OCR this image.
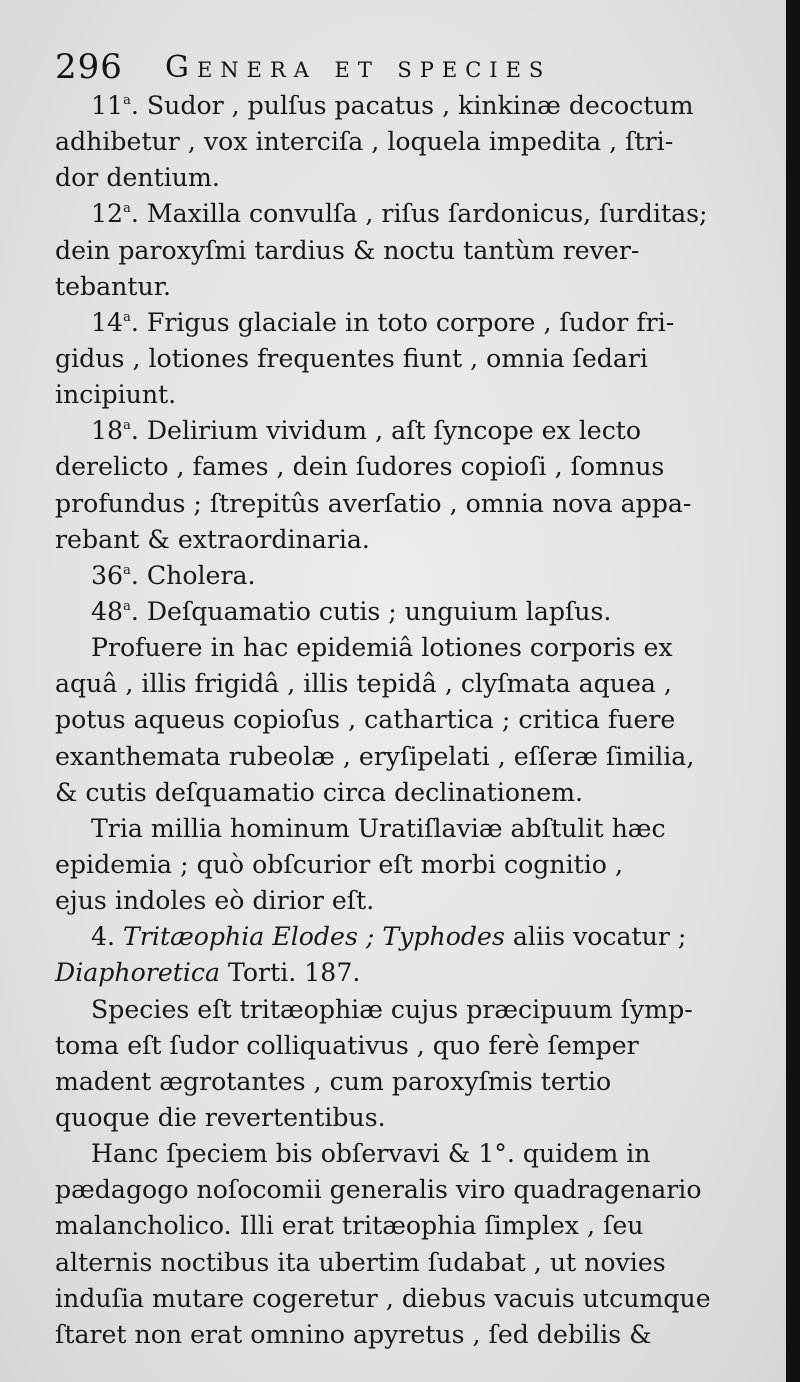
296 Genera et species
11$^a$. Sudor , pulſus pacatus , kinkinæ decoctum
adhibetur , vox interciſa , loquela impedita , ſtri-
dor dentium.
12$^a$. Maxilla convulſa , riſus ſardonicus, ſurditas;
dein paroxyſmi tardius & noctu tantùm rever-
tebantur.
14$^a$. Frigus glaciale in toto corpore , ſudor fri-
gidus , lotiones frequentes fiunt , omnia ſedari
incipiunt.
18$^a$. Delirium vividum , aſt ſyncope ex lecto
derelicto , fames , dein ſudores copioſi , ſomnus
profundus ; ſtrepitûs averſatio , omnia nova appa-
rebant & extraordinaria.
36$^a$. Cholera.
48$^a$. Deſquamatio cutis ; unguium lapſus.
Profuere in hac epidemiâ lotiones corporis ex
aquâ , illis frigidâ , illis tepidâ , clyſmata aquea ,
potus aqueus copioſus , cathartica ; critica fuere
exanthemata rubeolæ , eryſipelati , eſſeræ ſimilia,
& cutis deſquamatio circa declinationem.
Tria millia hominum Uratiſlaviæ abſtulit hæc
epidemia ; quò obſcurior eſt morbi cognitio ,
ejus indoles eò dirior eſt.
4. Tritæophia Elodes ; Typhodes aliis vocatur ;
Diaphoretica Torti. 187.
Species eſt tritæophiæ cujus præcipuum ſymp-
toma eſt ſudor colliquativus , quo ferè ſemper
madent ægrotantes , cum paroxyſmis tertio
quoque die revertentibus.
Hanc ſpeciem bis obſervavi & 1°. quidem in
pædagogo noſocomii generalis viro quadragenario
malancholico. Illi erat tritæophia ſimplex , ſeu
alternis noctibus ita ubertim ſudabat , ut novies
induſia mutare cogeretur , diebus vacuis utcumque
ſtaret non erat omnino apyretus , ſed debilis &
